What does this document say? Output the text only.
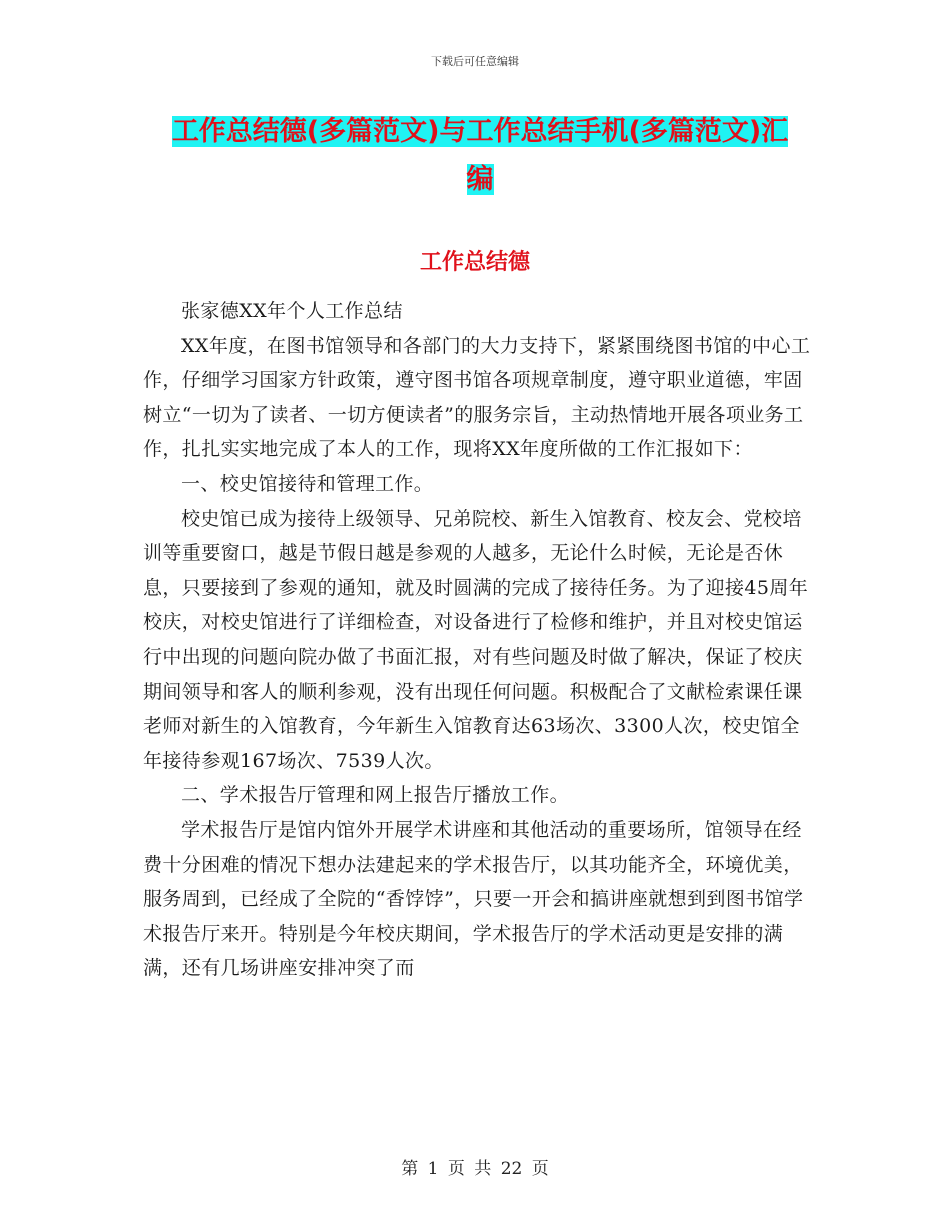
下载后可任意编辑
工作总结德(多篇范文)与工作总结手机(多篇范文)汇
编
工作总结德

张家德XX年个人工作总结

XX年度，在图书馆领导和各部门的大力支持下，紧紧围绕图书馆的中心工作，仔细学习国家方针政策，遵守图书馆各项规章制度，遵守职业道德，牢固树立“一切为了读者、一切方便读者”的服务宗旨，主动热情地开展各项业务工作，扎扎实实地完成了本人的工作，现将XX年度所做的工作汇报如下：

一、校史馆接待和管理工作。

校史馆已成为接待上级领导、兄弟院校、新生入馆教育、校友会、党校培训等重要窗口，越是节假日越是参观的人越多，无论什么时候，无论是否休息，只要接到了参观的通知，就及时圆满的完成了接待任务。为了迎接45周年校庆，对校史馆进行了详细检查，对设备进行了检修和维护，并且对校史馆运行中出现的问题向院办做了书面汇报，对有些问题及时做了解决，保证了校庆期间领导和客人的顺利参观，没有出现任何问题。积极配合了文献检索课任课老师对新生的入馆教育，今年新生入馆教育达63场次、3300人次，校史馆全年接待参观167场次、7539人次。

二、学术报告厅管理和网上报告厅播放工作。

学术报告厅是馆内馆外开展学术讲座和其他活动的重要场所，馆领导在经费十分困难的情况下想办法建起来的学术报告厅，以其功能齐全，环境优美，服务周到，已经成了全院的“香饽饽”，只要一开会和搞讲座就想到到图书馆学术报告厅来开。特别是今年校庆期间，学术报告厅的学术活动更是安排的满满，还有几场讲座安排冲突了而

第 1 页 共 22 页
